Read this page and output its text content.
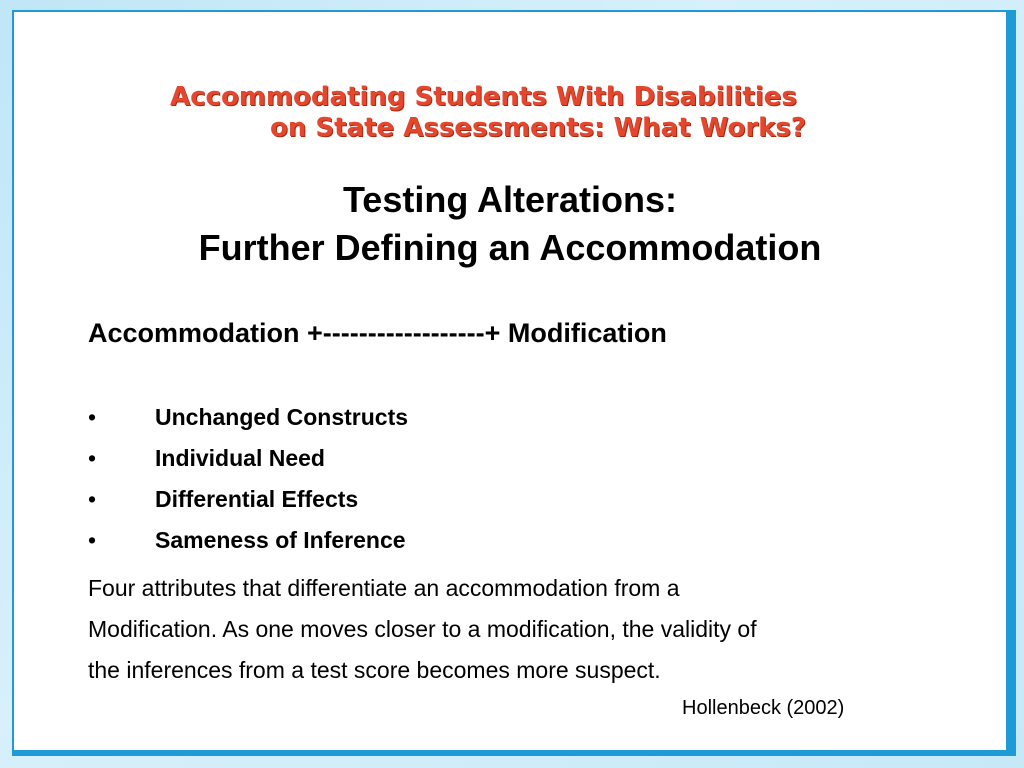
Accommodating Students With Disabilities
on State Assessments: What Works?
Testing Alterations:
Further Defining an Accommodation
Accommodation +------------------+ Modification
•	Unchanged Constructs
•	Individual Need
•	Differential Effects
•	Sameness of Inference
Four attributes that differentiate an accommodation from a
Modification. As one moves closer to a modification, the validity of
the inferences from a test score becomes more suspect.
Hollenbeck (2002)
